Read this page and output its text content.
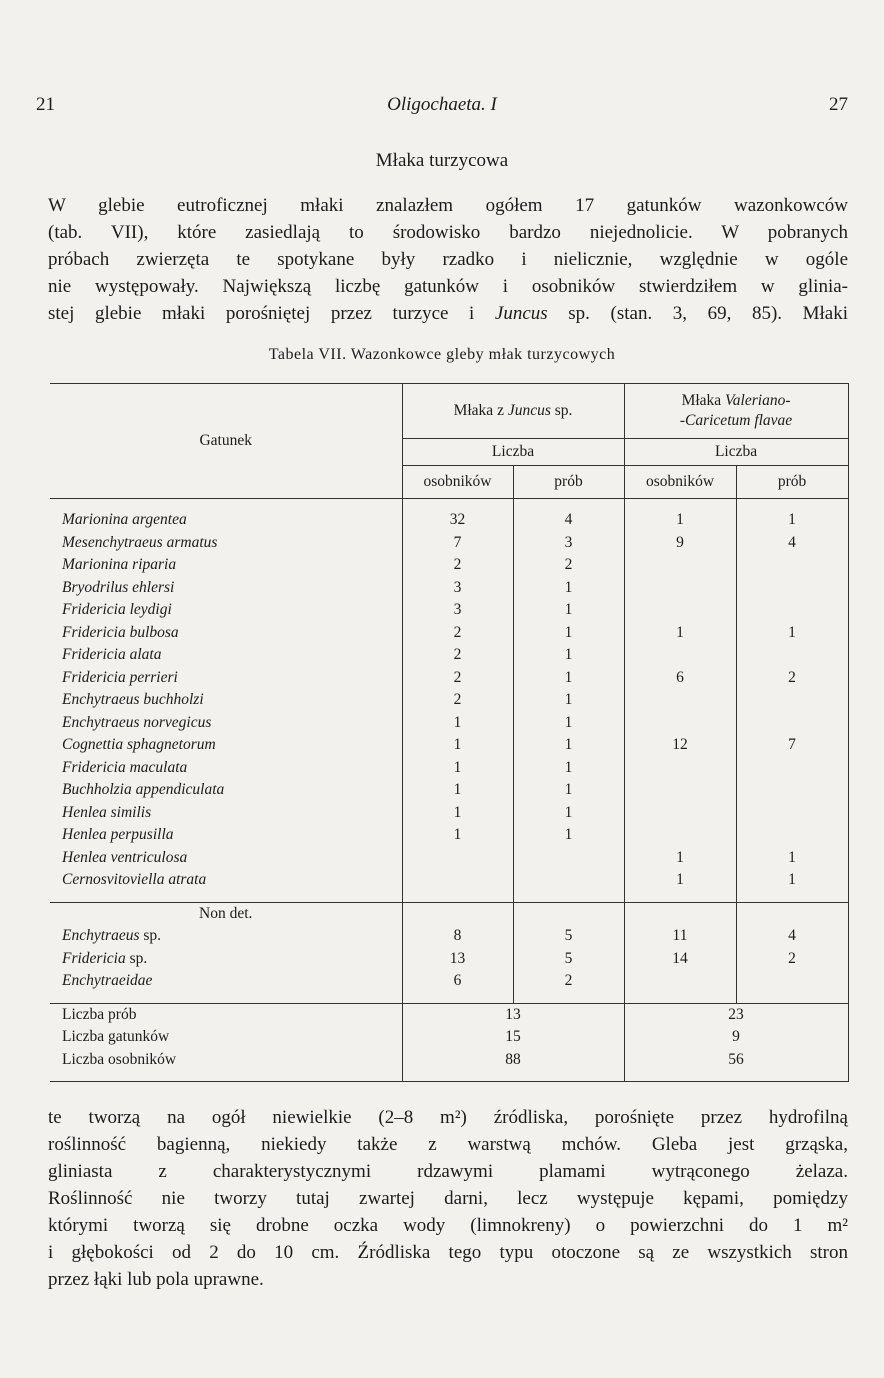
21	Oligochaeta. I	27
Młaka turzycowa
W glebie eutroficznej młaki znalazłem ogółem 17 gatunków wazonkowców
(tab. VII), które zasiedlają to środowisko bardzo niejednolicie. W pobranych
próbach zwierzęta te spotykane były rzadko i nielicznie, względnie w ogóle
nie występowały. Największą liczbę gatunków i osobników stwierdziłem w glinia-
stej glebie młaki porośniętej przez turzyce i Juncus sp. (stan. 3, 69, 85). Młaki
Tabela VII. Wazonkowce gleby młak turzycowych
Gatunek	Młaka z Juncus sp.		Młaka Valeriano-
-Caricetum flavae	
	Liczba		Liczba	
	osobników	prób	osobników	prób

Marionina argentea	32	4	1	1
Mesenchytraeus armatus	7	3	9	4
Marionina riparia	2	2		
Bryodrilus ehlersi	3	1		
Fridericia leydigi	3	1		
Fridericia bulbosa	2	1	1	1
Fridericia alata	2	1		
Fridericia perrieri	2	1	6	2
Enchytraeus buchholzi	2	1		
Enchytraeus norvegicus	1	1		
Cognettia sphagnetorum	1	1	12	7
Fridericia maculata	1	1		
Buchholzia appendiculata	1	1		
Henlea similis	1	1		
Henlea perpusilla	1	1		
Henlea ventriculosa			1	1
Cernosvitoviella atrata			1	1

Non det.				
Enchytraeus sp.	8	5	11	4
Fridericia sp.	13	5	14	2
Enchytraeidae	6	2		

Liczba prób	13		23	
Liczba gatunków	15		9	
Liczba osobników	88		56	

te tworzą na ogół niewielkie (2–8 m²) źródliska, porośnięte przez hydrofilną
roślinność bagienną, niekiedy także z warstwą mchów. Gleba jest grząska,
gliniasta z charakterystycznymi rdzawymi plamami wytrąconego żelaza.
Roślinność nie tworzy tutaj zwartej darni, lecz występuje kępami, pomiędzy
którymi tworzą się drobne oczka wody (limnokreny) o powierzchni do 1 m²
i głębokości od 2 do 10 cm. Źródliska tego typu otoczone są ze wszystkich stron
przez łąki lub pola uprawne.
